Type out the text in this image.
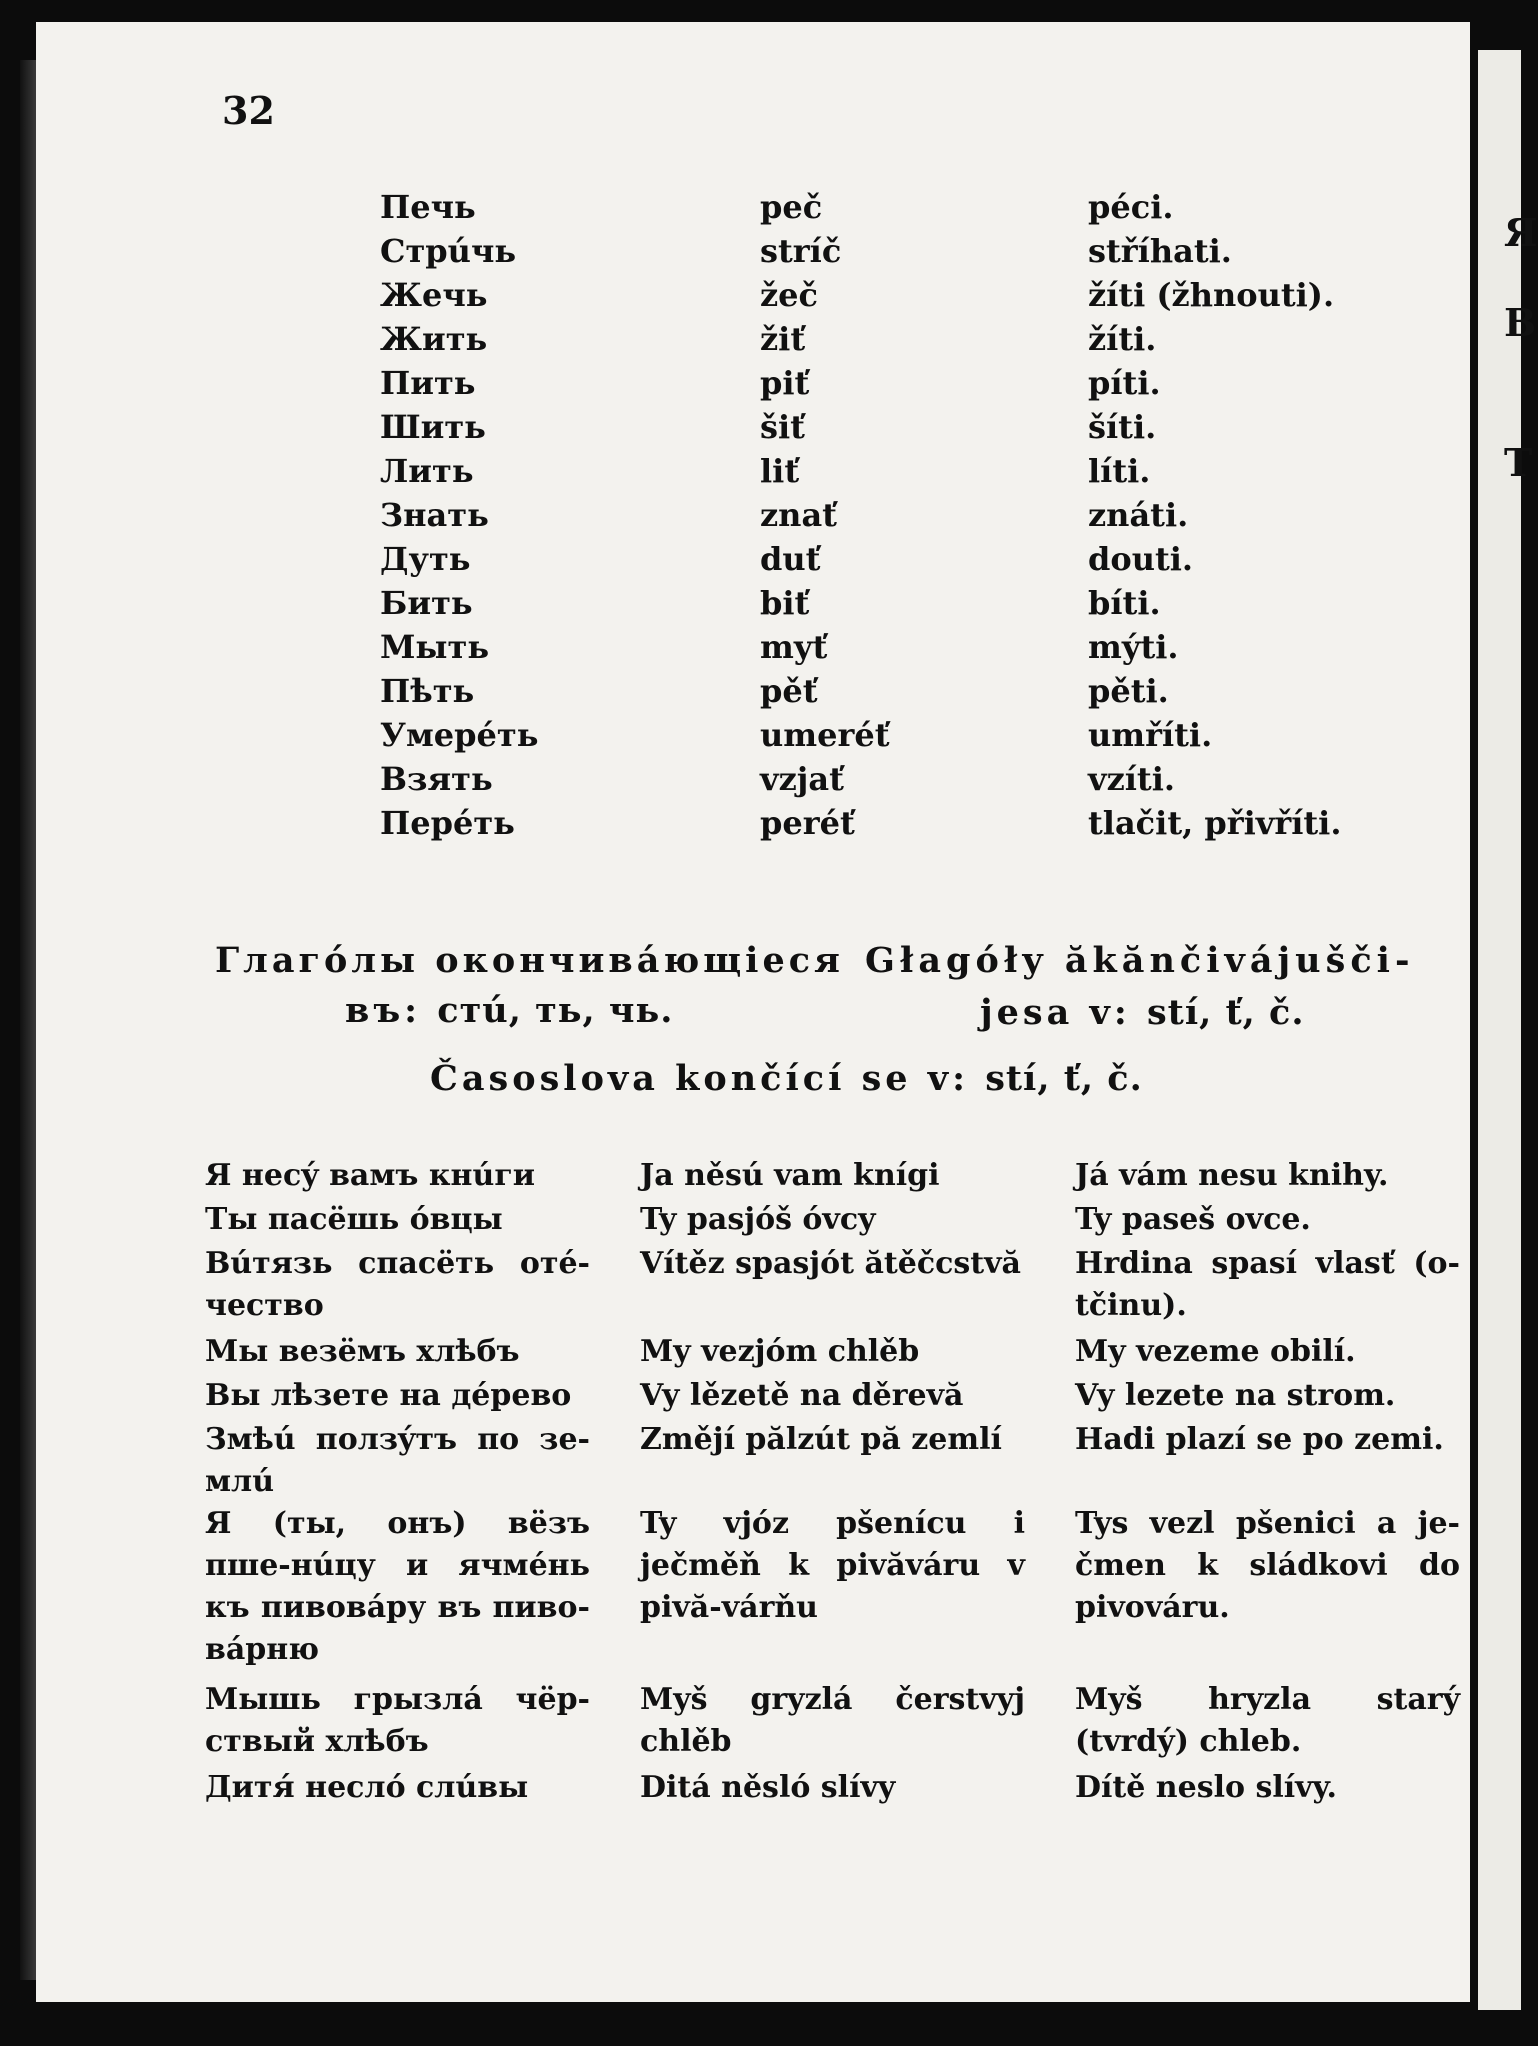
Я
В
Т
32
Печь
Стрúчь
Жечь
Жить
Пить
Шить
Лить
Знать
Дуть
Бить
Мыть
Пѣть
Умерéть
Взять
Перéть
peč
stríč
žeč
žiť
piť
šiť
liť
znať
duť
biť
myť
pěť
umeréť
vzjať
peréť
péci.
stříhati.
žíti (žhnouti).
žíti.
píti.
šíti.
líti.
znáti.
douti.
bíti.
mýti.
pěti.
umříti.
vzíti.
tlačit, přivříti.
Глагóлы окончивáющiеся
въ: стú, ть, чь.
Głagóły ăkănčivájuščі-
jesa v: stí, ť, č.
Časoslova končící se v: stí, ť, č.
Я несý вамъ кнúги
Ты пасёшь óвцы
Вúтязь спасёть отé-чество
Мы везёмъ хлѣбъ
Вы лѣзете на дéрево
Змѣú ползýтъ по зе-млú
Я (ты, онъ) вёзъ пше-нúцу и ячмéнь къ пивовáру въ пиво-вáрню
Мышь грызлá чёр-ствый хлѣбъ
Дитя́ неслó слúвы
Ja něsú vam knígi
Ty pasjóš óvcy
Vítěz spasjót ătěčcstvă
My vezjóm chlěb
Vy lězetě na děrevă
Změjí pălzút pă zemlí
Ty vjóz pšenícu i ječměň k pivăváru v pivă-várňu
Myš gryzlá čerstvyj chlěb
Ditá něsló slívy
Já vám nesu knihy.
Ty paseš ovce.
Hrdina spasí vlasť (o-tčinu).
My vezeme obilí.
Vy lezete na strom.
Hadi plazí se po zemi.
Tys vezl pšenici a je-čmen k sládkovi do pivováru.
Myš hryzla starý (tvrdý) chleb.
Dítě neslo slívy.
